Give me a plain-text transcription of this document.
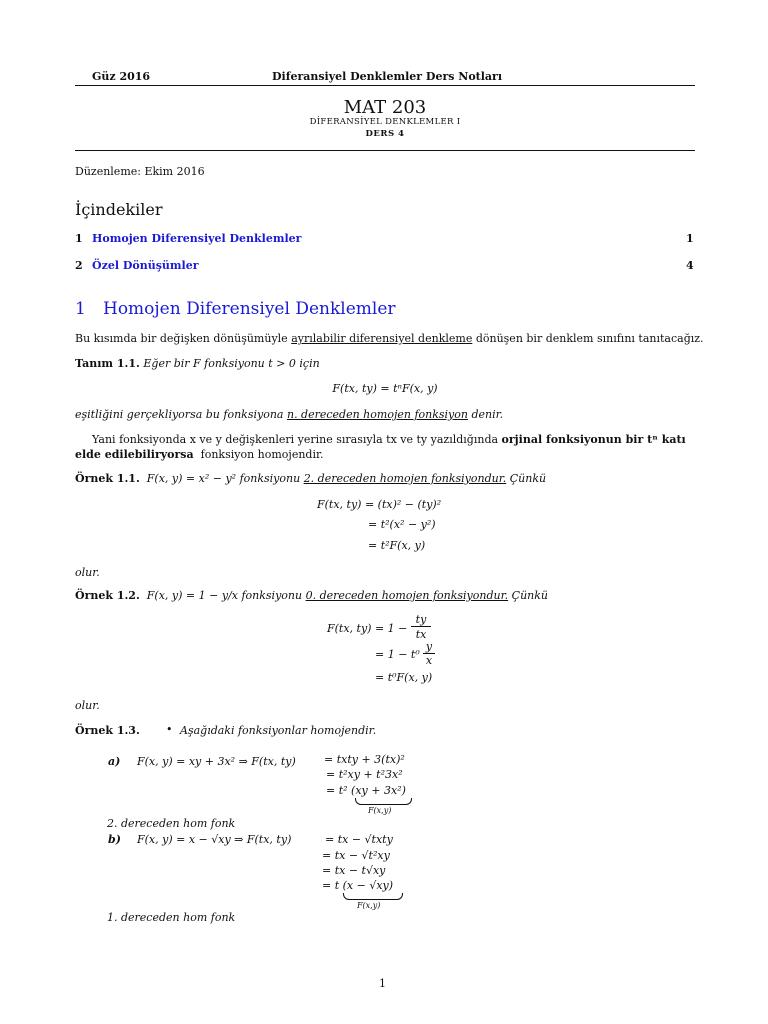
Güz 2016	Diferansiyel Denklemler Ders Notları
MAT 203
DİFERANSİYEL DENKLEMLER I
DERS 4
Düzenleme: Ekim 2016
İçindekiler
1 Homojen Diferensiyel Denklemler	1
2 Özel Dönüşümler	4
1 Homojen Diferensiyel Denklemler
Bu kısımda bir değişken dönüşümüyle ayrılabilir diferensiyel denkleme dönüşen bir denklem sınıfını tanıtacağız.
Tanım 1.1. Eğer bir F fonksiyonu t > 0 için
F(tx, ty) = tⁿF(x, y)
eşitliğini gerçekliyorsa bu fonksiyona n. dereceden homojen fonksiyon denir.
Yani fonksiyonda x ve y değişkenleri yerine sırasıyla tx ve ty yazıldığında orjinal fonksiyonun bir tⁿ katı
elde edilebiliryorsa fonksiyon homojendir.
Örnek 1.1. F(x, y) = x² − y² fonksiyonu 2. dereceden homojen fonksiyondur. Çünkü
F(tx, ty) = (tx)² − (ty)²
= t²(x² − y²)
= t²F(x, y)
olur.
Örnek 1.2. F(x, y) = 1 − y/x fonksiyonu 0. dereceden homojen fonksiyondur. Çünkü
F(tx, ty) = 1 −
ty
tx
= 1 − t⁰
y
x
= t⁰F(x, y)
olur.
Örnek 1.3. • Aşağıdaki fonksiyonlar homojendir.
a) F(x, y) = xy + 3x² ⇒ F(tx, ty)	= txty + 3(tx)²
= t²xy + t²3x²
= t² (xy + 3x²)
F(x,y)
2. dereceden hom fonk
b) F(x, y) = x − √xy ⇒ F(tx, ty)	= tx − √txty
= tx − √t²xy
= tx − t√xy
= t (x − √xy)
F(x,y)
1. dereceden hom fonk
1
